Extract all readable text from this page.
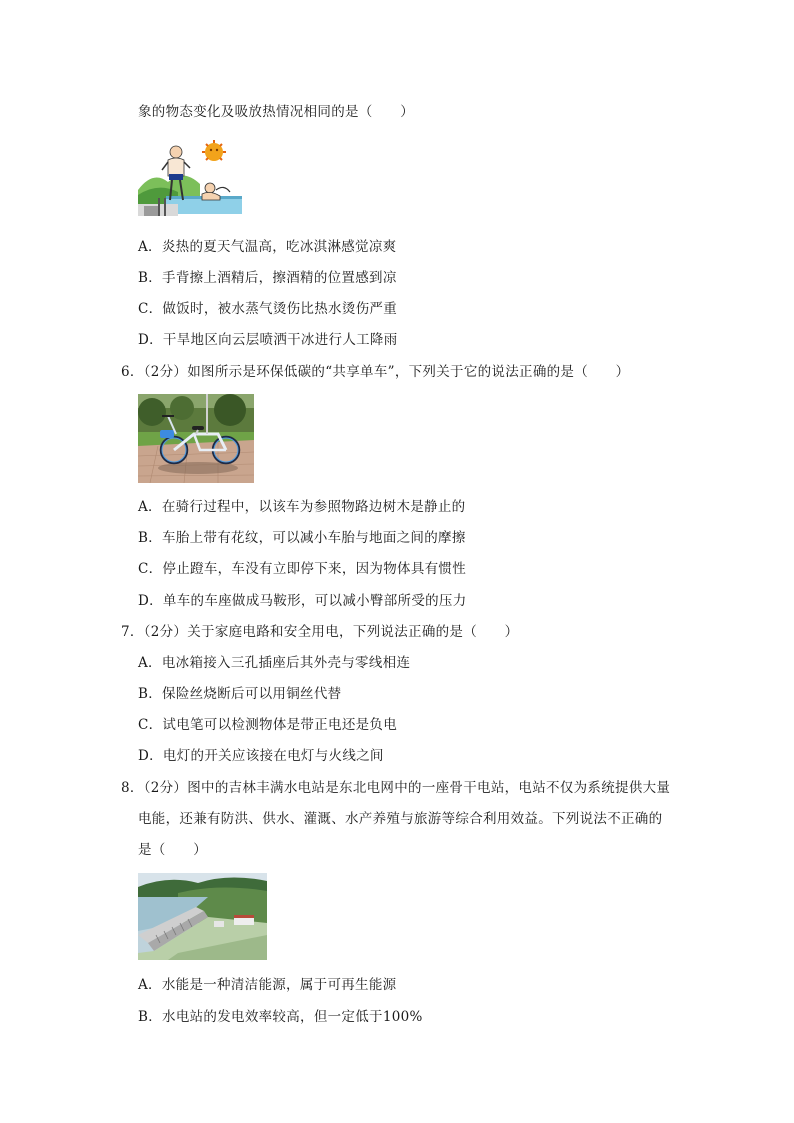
象的物态变化及吸放热情况相同的是（　　）
A．炎热的夏天气温高，吃冰淇淋感觉凉爽
B．手背擦上酒精后，擦酒精的位置感到凉
C．做饭时，被水蒸气烫伤比热水烫伤严重
D．干旱地区向云层喷洒干冰进行人工降雨
6．（2分）如图所示是环保低碳的“共享单车”，下列关于它的说法正确的是（　　）
A．在骑行过程中，以该车为参照物路边树木是静止的
B．车胎上带有花纹，可以减小车胎与地面之间的摩擦
C．停止蹬车，车没有立即停下来，因为物体具有惯性
D．单车的车座做成马鞍形，可以减小臀部所受的压力
7．（2分）关于家庭电路和安全用电，下列说法正确的是（　　）
A．电冰箱接入三孔插座后其外壳与零线相连
B．保险丝烧断后可以用铜丝代替
C．试电笔可以检测物体是带正电还是负电
D．电灯的开关应该接在电灯与火线之间
8．（2分）图中的吉林丰满水电站是东北电网中的一座骨干电站，电站不仅为系统提供大量
电能，还兼有防洪、供水、灌溉、水产养殖与旅游等综合利用效益。下列说法不正确的
是（　　）
A．水能是一种清洁能源，属于可再生能源
B．水电站的发电效率较高，但一定低于100%
